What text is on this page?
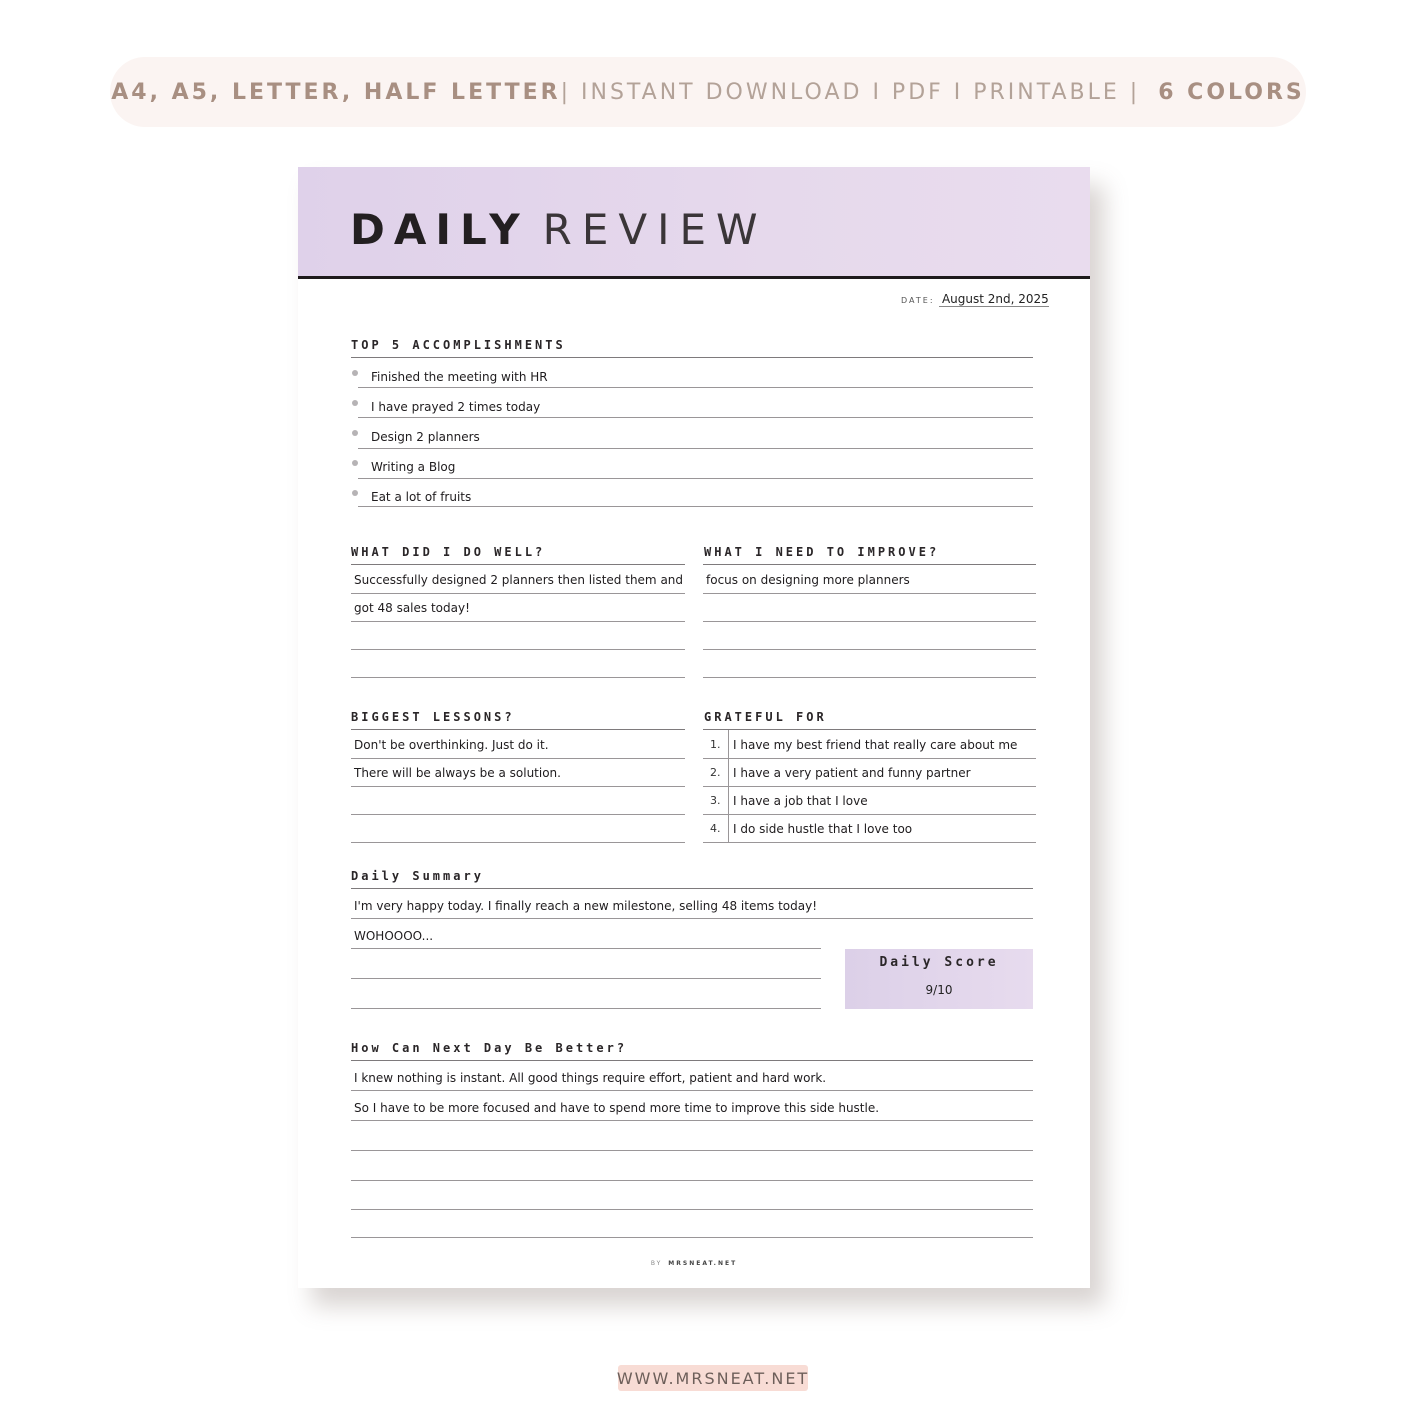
A4, A5, LETTER, HALF LETTER | INSTANT DOWNLOAD I PDF I PRINTABLE | 6 COLORS
DAILY REVIEW
DATE: August 2nd, 2025
TOP 5 ACCOMPLISHMENTS
Finished the meeting with HR
I have prayed 2 times today
Design 2 planners
Writing a Blog
Eat a lot of fruits
WHAT DID I DO WELL?
Successfully designed 2 planners then listed them and
got 48 sales today!
WHAT I NEED TO IMPROVE?
focus on designing more planners
BIGGEST LESSONS?
Don't be overthinking. Just do it.
There will be always be a solution.
GRATEFUL FOR
1. I have my best friend that really care about me
2. I have a very patient and funny partner
3. I have a job that I love
4. I do side hustle that I love too
Daily Summary
I'm very happy today. I finally reach a new milestone, selling 48 items today!
WOHOOOO...
Daily Score
9/10
How Can Next Day Be Better?
I knew nothing is instant. All good things require effort, patient and hard work.
So I have to be more focused and have to spend more time to improve this side hustle.
BY MRSNEAT.NET
WWW.MRSNEAT.NET
